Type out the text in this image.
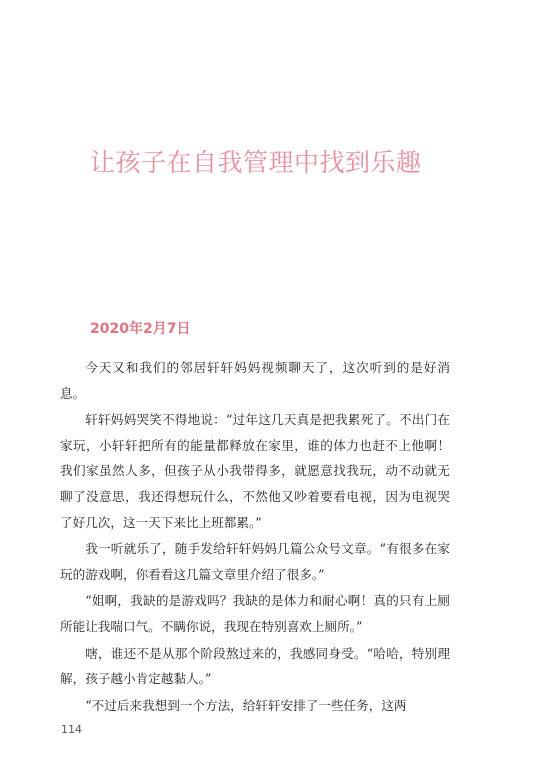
让孩子在自我管理中找到乐趣
2020年2月7日

今天又和我们的邻居轩轩妈妈视频聊天了，这次听到的是好消息。

轩轩妈妈哭笑不得地说：“过年这几天真是把我累死了。不出门在家玩，小轩轩把所有的能量都释放在家里，谁的体力也赶不上他啊！我们家虽然人多，但孩子从小我带得多，就愿意找我玩，动不动就无聊了没意思，我还得想玩什么，不然他又吵着要看电视，因为电视哭了好几次，这一天下来比上班都累。”

我一听就乐了，随手发给轩轩妈妈几篇公众号文章。“有很多在家玩的游戏啊，你看看这几篇文章里介绍了很多。”

“姐啊，我缺的是游戏吗？我缺的是体力和耐心啊！真的只有上厕所能让我喘口气。不瞒你说，我现在特别喜欢上厕所。”

嗐，谁还不是从那个阶段熬过来的，我感同身受。“哈哈，特别理解，孩子越小肯定越黏人。”

“不过后来我想到一个方法，给轩轩安排了一些任务，这两

114
